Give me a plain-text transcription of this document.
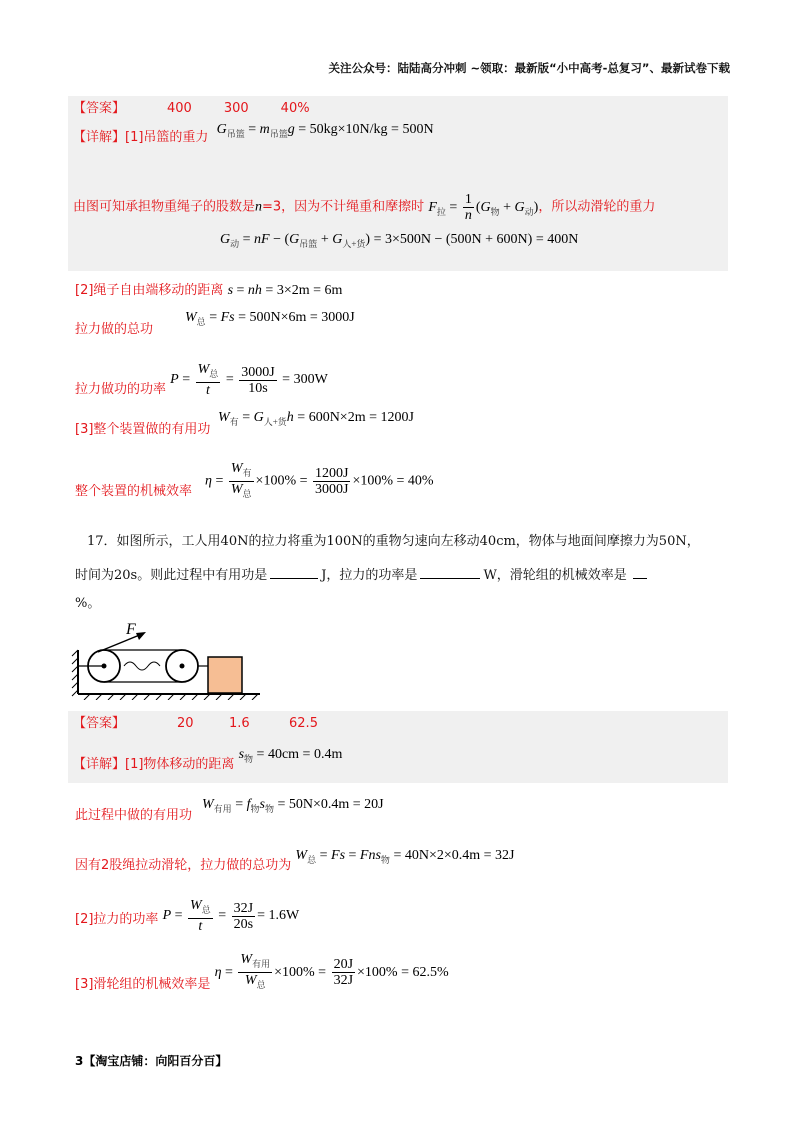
关注公众号：陆陆高分冲刺 ~领取：最新版“小中高考-总复习”、最新试卷下载
【答案】	400 300 40%
【详解】[1]吊篮的重力 $G_{吊篮} = m_{吊篮}g = 50kg\times 10N/kg = 500N$
由图可知承担物重绳子的股数是n=3，因为不计绳重和摩擦时 $F_拉 = \frac{1}{n} (G_物 + G_动)$，所以动滑轮的重力
$G_动$ = nF − $(G_{吊篮} + G_{人+货}) = 3\times 500N - (500N + 600N) = 400N$
[2]绳子自由端移动的距离 s = nh = 3×2m = 6m
$W_总 = Fs = 500N\times 6m = 3000J$
拉力做的总功
拉力做功的功率 $P = \frac{W_总}{t} = \frac{3000J}{10s} = 300W$
$W_有 = G_{人+货}h = 600N\times 2m = 1200J$
[3]整个装置做的有用功
$\eta = \frac{W_有}{W_总} \times 100\% = \frac{1200J}{3000J} \times 100\% = 40\%$
整个装置的机械效率
17．如图所示，工人用40N的拉力将重为100N的重物匀速向左移动40cm，物体与地面间摩擦力为50N，
时间为20s。则此过程中有用功是	J，拉力的功率是	W，滑轮组的机械效率是
%。
F
【答案】	20	1.6	62.5
【详解】[1]物体移动的距离 $s_物 = 40cm = 0.4m$
$W_{有用} = f_物s_物 = 50N\times 0.4m = 20J$
此过程中做的有用功
因有2股绳拉动滑轮，拉力做的总功为 $W_总 = Fs = Fns_物 = 40N\times 2\times 0.4m = 32J$
[2]拉力的功率 $P = \frac{W_总}{t} = \frac{32J}{20s} = 1.6W$
[3]滑轮组的机械效率是 $\eta = \frac{W_{有用}}{W_总} \times 100\% = \frac{20J}{32J} \times 100\% = 62.5\%$
3【淘宝店铺：向阳百分百】
